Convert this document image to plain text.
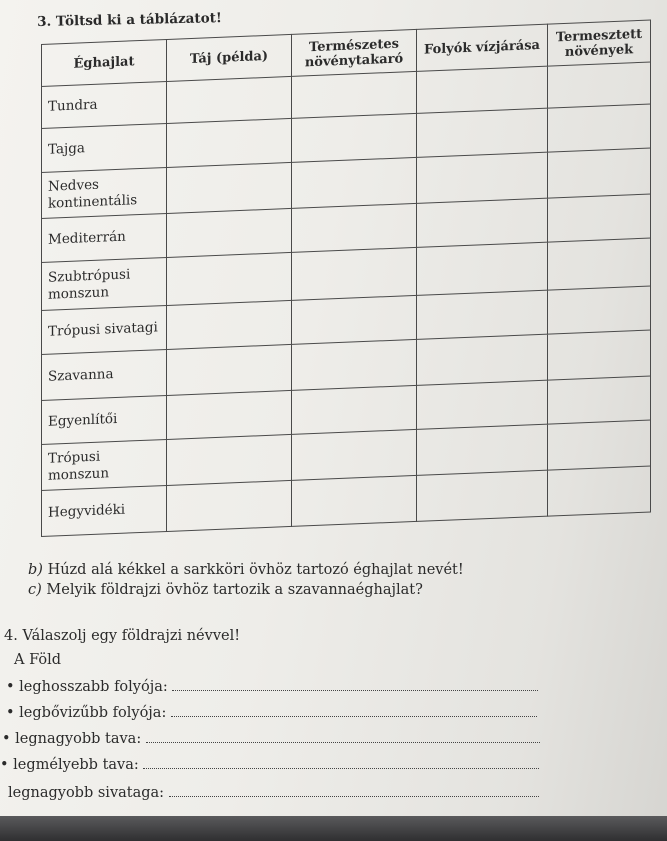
3. Töltsd ki a táblázatot!
Éghajlat	Táj (példa)	Természetes növénytakaró	Folyók vízjárása	Termesztett növények
Tundra				
Tajga				
Nedves kontinentális				
Mediterrán				
Szubtrópusi monszun				
Trópusi sivatagi				
Szavanna				
Egyenlítői				
Trópusi monszun				
Hegyvidéki				
b) Húzd alá kékkel a sarkköri övhöz tartozó éghajlat nevét!
c) Melyik földrajzi övhöz tartozik a szavannaéghajlat?
4. Válaszolj egy földrajzi névvel!
A Föld
• leghosszabb folyója:
• legbővizűbb folyója:
• legnagyobb tava:
• legmélyebb tava:
legnagyobb sivataga:
